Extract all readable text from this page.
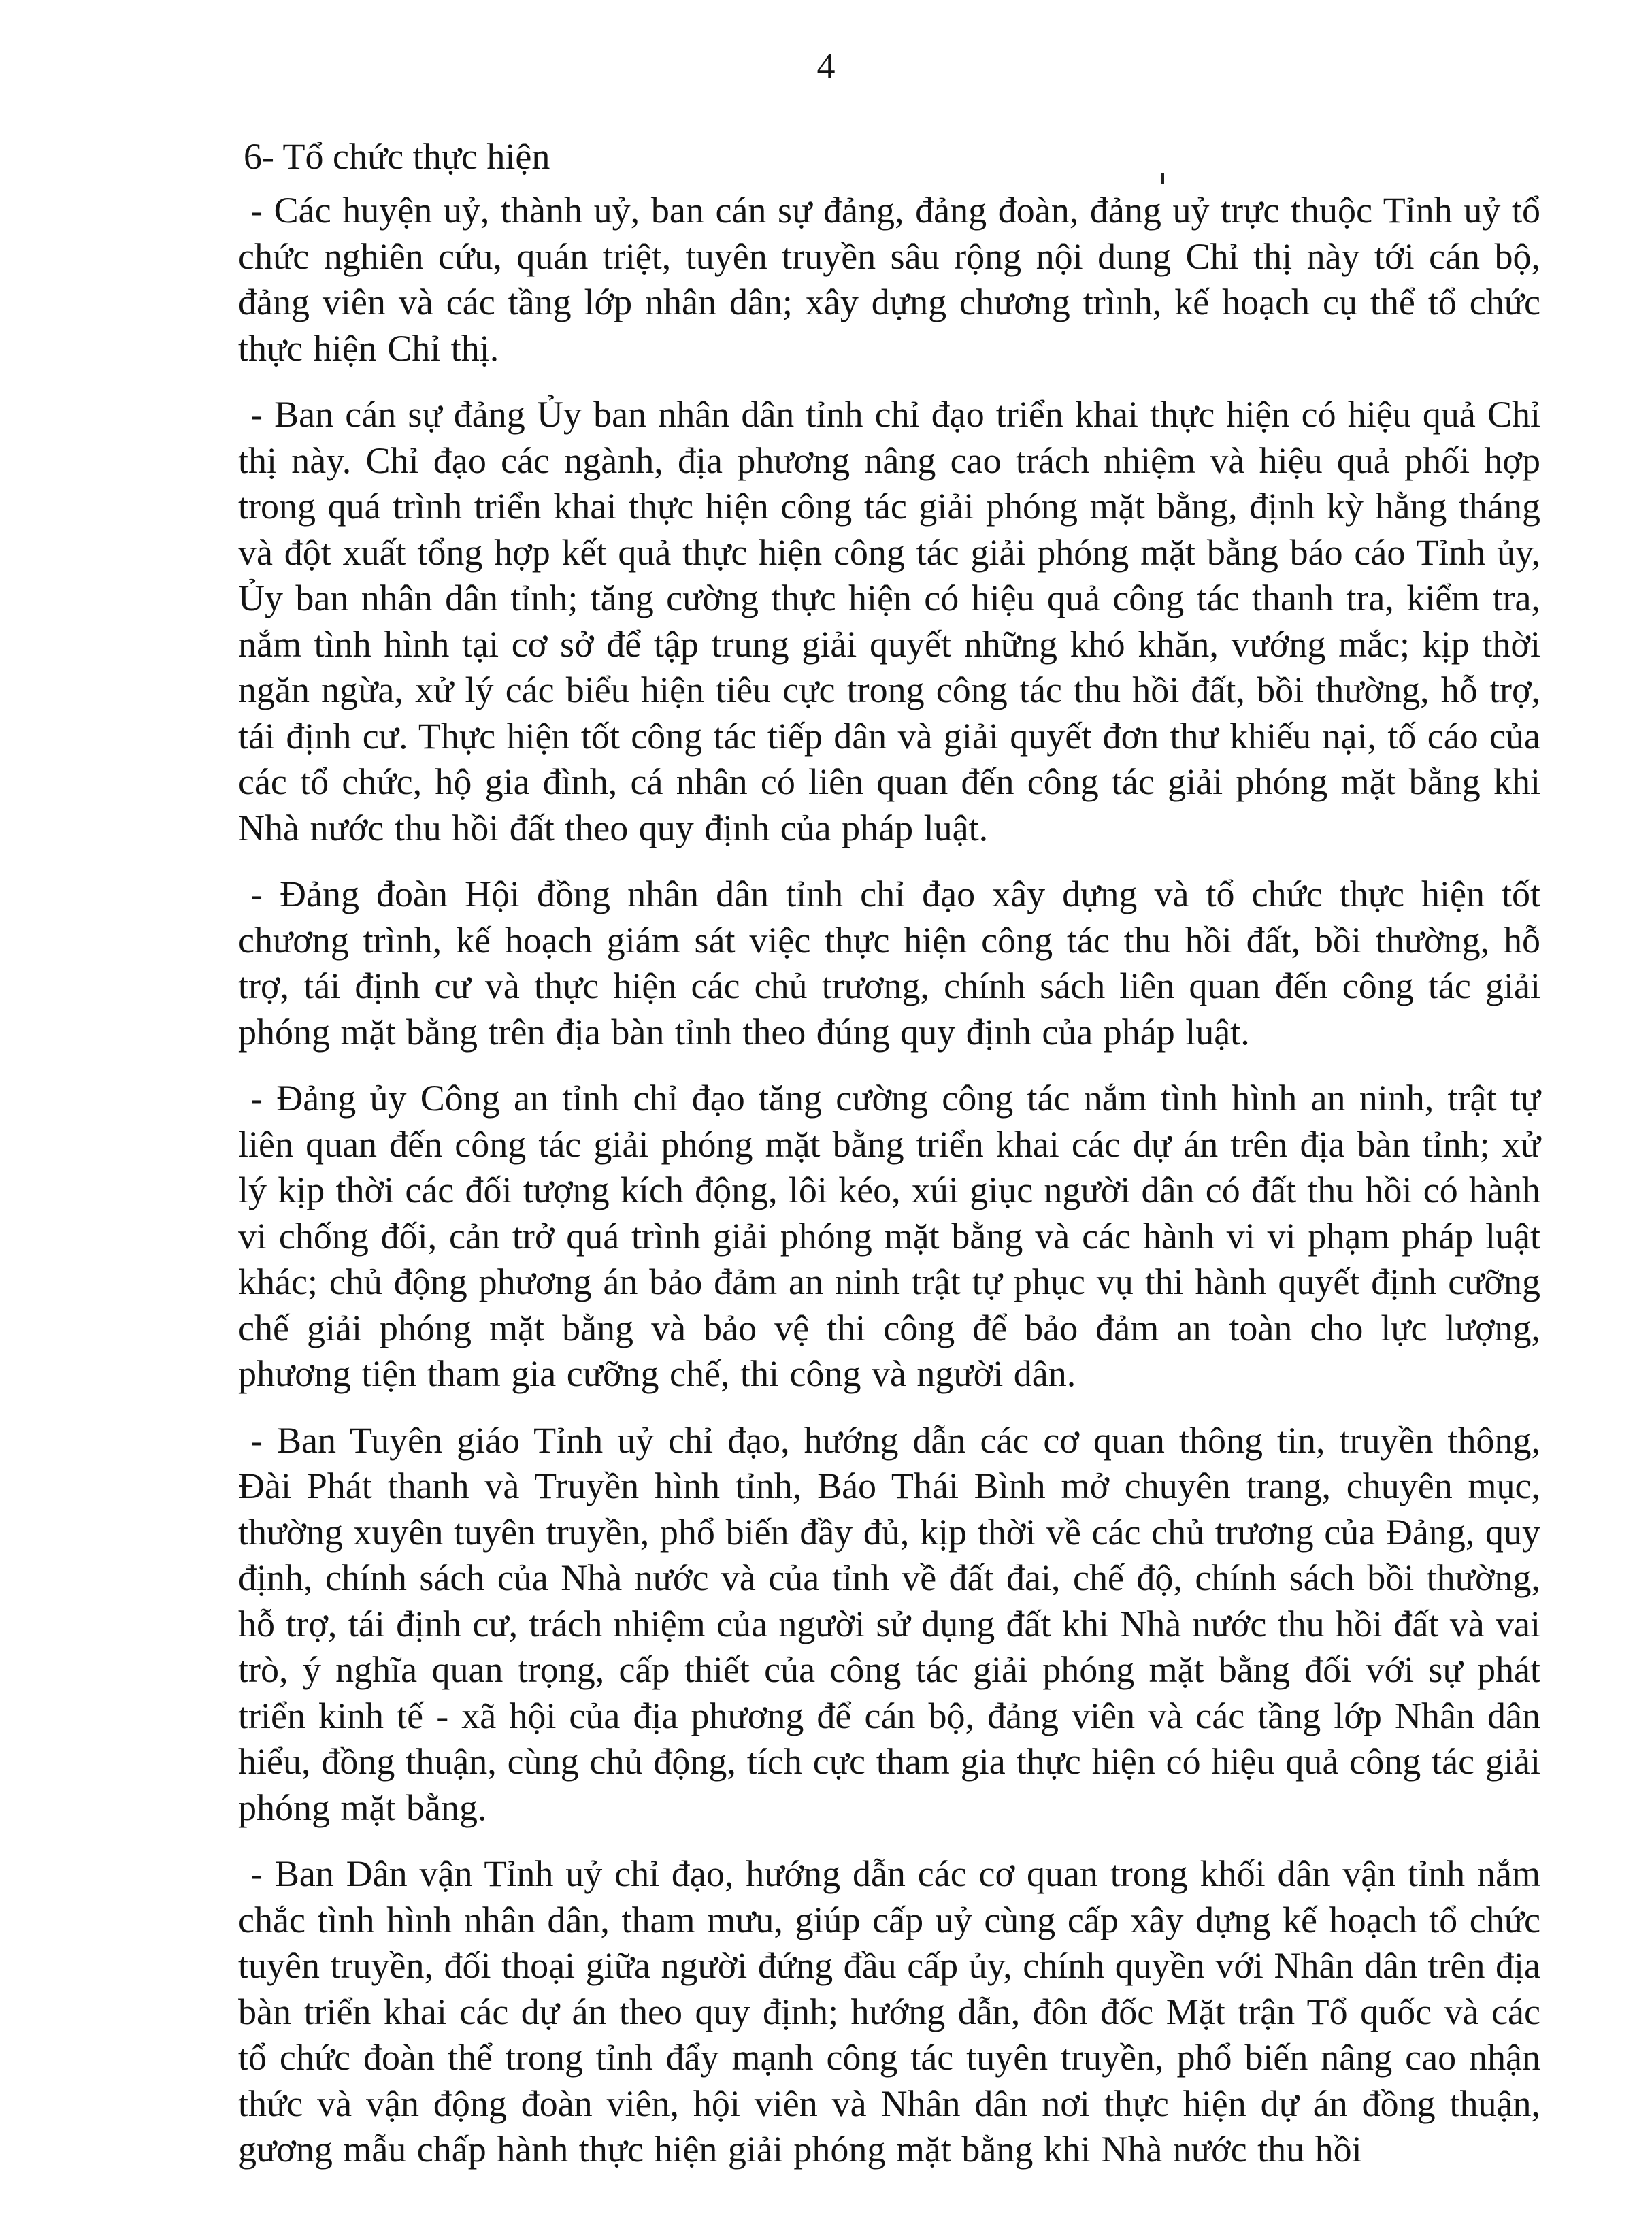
4

6- Tổ chức thực hiện

- Các huyện uỷ, thành uỷ, ban cán sự đảng, đảng đoàn, đảng uỷ trực thuộc Tỉnh uỷ tổ chức nghiên cứu, quán triệt, tuyên truyền sâu rộng nội dung Chỉ thị này tới cán bộ, đảng viên và các tầng lớp nhân dân; xây dựng chương trình, kế hoạch cụ thể tổ chức thực hiện Chỉ thị.

- Ban cán sự đảng Ủy ban nhân dân tỉnh chỉ đạo triển khai thực hiện có hiệu quả Chỉ thị này. Chỉ đạo các ngành, địa phương nâng cao trách nhiệm và hiệu quả phối hợp trong quá trình triển khai thực hiện công tác giải phóng mặt bằng, định kỳ hằng tháng và đột xuất tổng hợp kết quả thực hiện công tác giải phóng mặt bằng báo cáo Tỉnh ủy, Ủy ban nhân dân tỉnh; tăng cường thực hiện có hiệu quả công tác thanh tra, kiểm tra, nắm tình hình tại cơ sở để tập trung giải quyết những khó khăn, vướng mắc; kịp thời ngăn ngừa, xử lý các biểu hiện tiêu cực trong công tác thu hồi đất, bồi thường, hỗ trợ, tái định cư. Thực hiện tốt công tác tiếp dân và giải quyết đơn thư khiếu nại, tố cáo của các tổ chức, hộ gia đình, cá nhân có liên quan đến công tác giải phóng mặt bằng khi Nhà nước thu hồi đất theo quy định của pháp luật.

- Đảng đoàn Hội đồng nhân dân tỉnh chỉ đạo xây dựng và tổ chức thực hiện tốt chương trình, kế hoạch giám sát việc thực hiện công tác thu hồi đất, bồi thường, hỗ trợ, tái định cư và thực hiện các chủ trương, chính sách liên quan đến công tác giải phóng mặt bằng trên địa bàn tỉnh theo đúng quy định của pháp luật.

- Đảng ủy Công an tỉnh chỉ đạo tăng cường công tác nắm tình hình an ninh, trật tự liên quan đến công tác giải phóng mặt bằng triển khai các dự án trên địa bàn tỉnh; xử lý kịp thời các đối tượng kích động, lôi kéo, xúi giục người dân có đất thu hồi có hành vi chống đối, cản trở quá trình giải phóng mặt bằng và các hành vi vi phạm pháp luật khác; chủ động phương án bảo đảm an ninh trật tự phục vụ thi hành quyết định cưỡng chế giải phóng mặt bằng và bảo vệ thi công để bảo đảm an toàn cho lực lượng, phương tiện tham gia cưỡng chế, thi công và người dân.

- Ban Tuyên giáo Tỉnh uỷ chỉ đạo, hướng dẫn các cơ quan thông tin, truyền thông, Đài Phát thanh và Truyền hình tỉnh, Báo Thái Bình mở chuyên trang, chuyên mục, thường xuyên tuyên truyền, phổ biến đầy đủ, kịp thời về các chủ trương của Đảng, quy định, chính sách của Nhà nước và của tỉnh về đất đai, chế độ, chính sách bồi thường, hỗ trợ, tái định cư, trách nhiệm của người sử dụng đất khi Nhà nước thu hồi đất và vai trò, ý nghĩa quan trọng, cấp thiết của công tác giải phóng mặt bằng đối với sự phát triển kinh tế - xã hội của địa phương để cán bộ, đảng viên và các tầng lớp Nhân dân hiểu, đồng thuận, cùng chủ động, tích cực tham gia thực hiện có hiệu quả công tác giải phóng mặt bằng.

- Ban Dân vận Tỉnh uỷ chỉ đạo, hướng dẫn các cơ quan trong khối dân vận tỉnh nắm chắc tình hình nhân dân, tham mưu, giúp cấp uỷ cùng cấp xây dựng kế hoạch tổ chức tuyên truyền, đối thoại giữa người đứng đầu cấp ủy, chính quyền với Nhân dân trên địa bàn triển khai các dự án theo quy định; hướng dẫn, đôn đốc Mặt trận Tổ quốc và các tổ chức đoàn thể trong tỉnh đẩy mạnh công tác tuyên truyền, phổ biến nâng cao nhận thức và vận động đoàn viên, hội viên và Nhân dân nơi thực hiện dự án đồng thuận, gương mẫu chấp hành thực hiện giải phóng mặt bằng khi Nhà nước thu hồi
